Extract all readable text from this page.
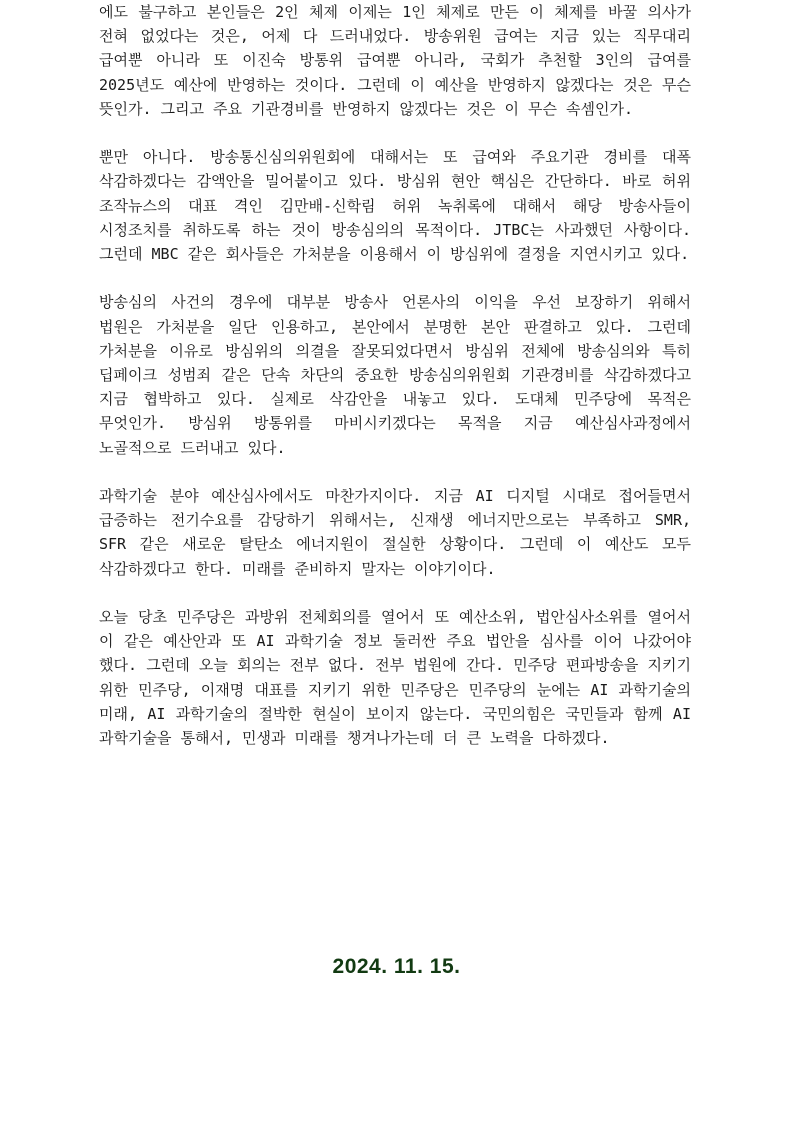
에도 불구하고 본인들은 2인 체제 이제는 1인 체제로 만든 이 체제를 바꿀 의사가 전혀 없었다는 것은, 어제 다 드러내었다. 방송위원 급여는 지금 있는 직무대리 급여뿐 아니라 또 이진숙 방통위 급여뿐 아니라, 국회가 추천할 3인의 급여를 2025년도 예산에 반영하는 것이다. 그런데 이 예산을 반영하지 않겠다는 것은 무슨 뜻인가. 그리고 주요 기관경비를 반영하지 않겠다는 것은 이 무슨 속셈인가.

뿐만 아니다. 방송통신심의위원회에 대해서는 또 급여와 주요기관 경비를 대폭 삭감하겠다는 감액안을 밀어붙이고 있다. 방심위 현안 핵심은 간단하다. 바로 허위 조작뉴스의 대표 격인 김만배-신학림 허위 녹취록에 대해서 해당 방송사들이 시정조치를 취하도록 하는 것이 방송심의의 목적이다. JTBC는 사과했던 사항이다. 그런데 MBC 같은 회사들은 가처분을 이용해서 이 방심위에 결정을 지연시키고 있다.

방송심의 사건의 경우에 대부분 방송사 언론사의 이익을 우선 보장하기 위해서 법원은 가처분을 일단 인용하고, 본안에서 분명한 본안 판결하고 있다. 그런데 가처분을 이유로 방심위의 의결을 잘못되었다면서 방심위 전체에 방송심의와 특히 딥페이크 성범죄 같은 단속 차단의 중요한 방송심의위원회 기관경비를 삭감하겠다고 지금 협박하고 있다. 실제로 삭감안을 내놓고 있다. 도대체 민주당에 목적은 무엇인가. 방심위 방통위를 마비시키겠다는 목적을 지금 예산심사과정에서 노골적으로 드러내고 있다.

과학기술 분야 예산심사에서도 마찬가지이다. 지금 AI 디지털 시대로 접어들면서 급증하는 전기수요를 감당하기 위해서는, 신재생 에너지만으로는 부족하고 SMR, SFR 같은 새로운 탈탄소 에너지원이 절실한 상황이다. 그런데 이 예산도 모두 삭감하겠다고 한다. 미래를 준비하지 말자는 이야기이다.

오늘 당초 민주당은 과방위 전체회의를 열어서 또 예산소위, 법안심사소위를 열어서 이 같은 예산안과 또 AI 과학기술 정보 둘러싼 주요 법안을 심사를 이어 나갔어야 했다. 그런데 오늘 회의는 전부 없다. 전부 법원에 간다. 민주당 편파방송을 지키기 위한 민주당, 이재명 대표를 지키기 위한 민주당은 민주당의 눈에는 AI 과학기술의 미래, AI 과학기술의 절박한 현실이 보이지 않는다. 국민의힘은 국민들과 함께 AI 과학기술을 통해서, 민생과 미래를 챙겨나가는데 더 큰 노력을 다하겠다.

2024. 11. 15.
